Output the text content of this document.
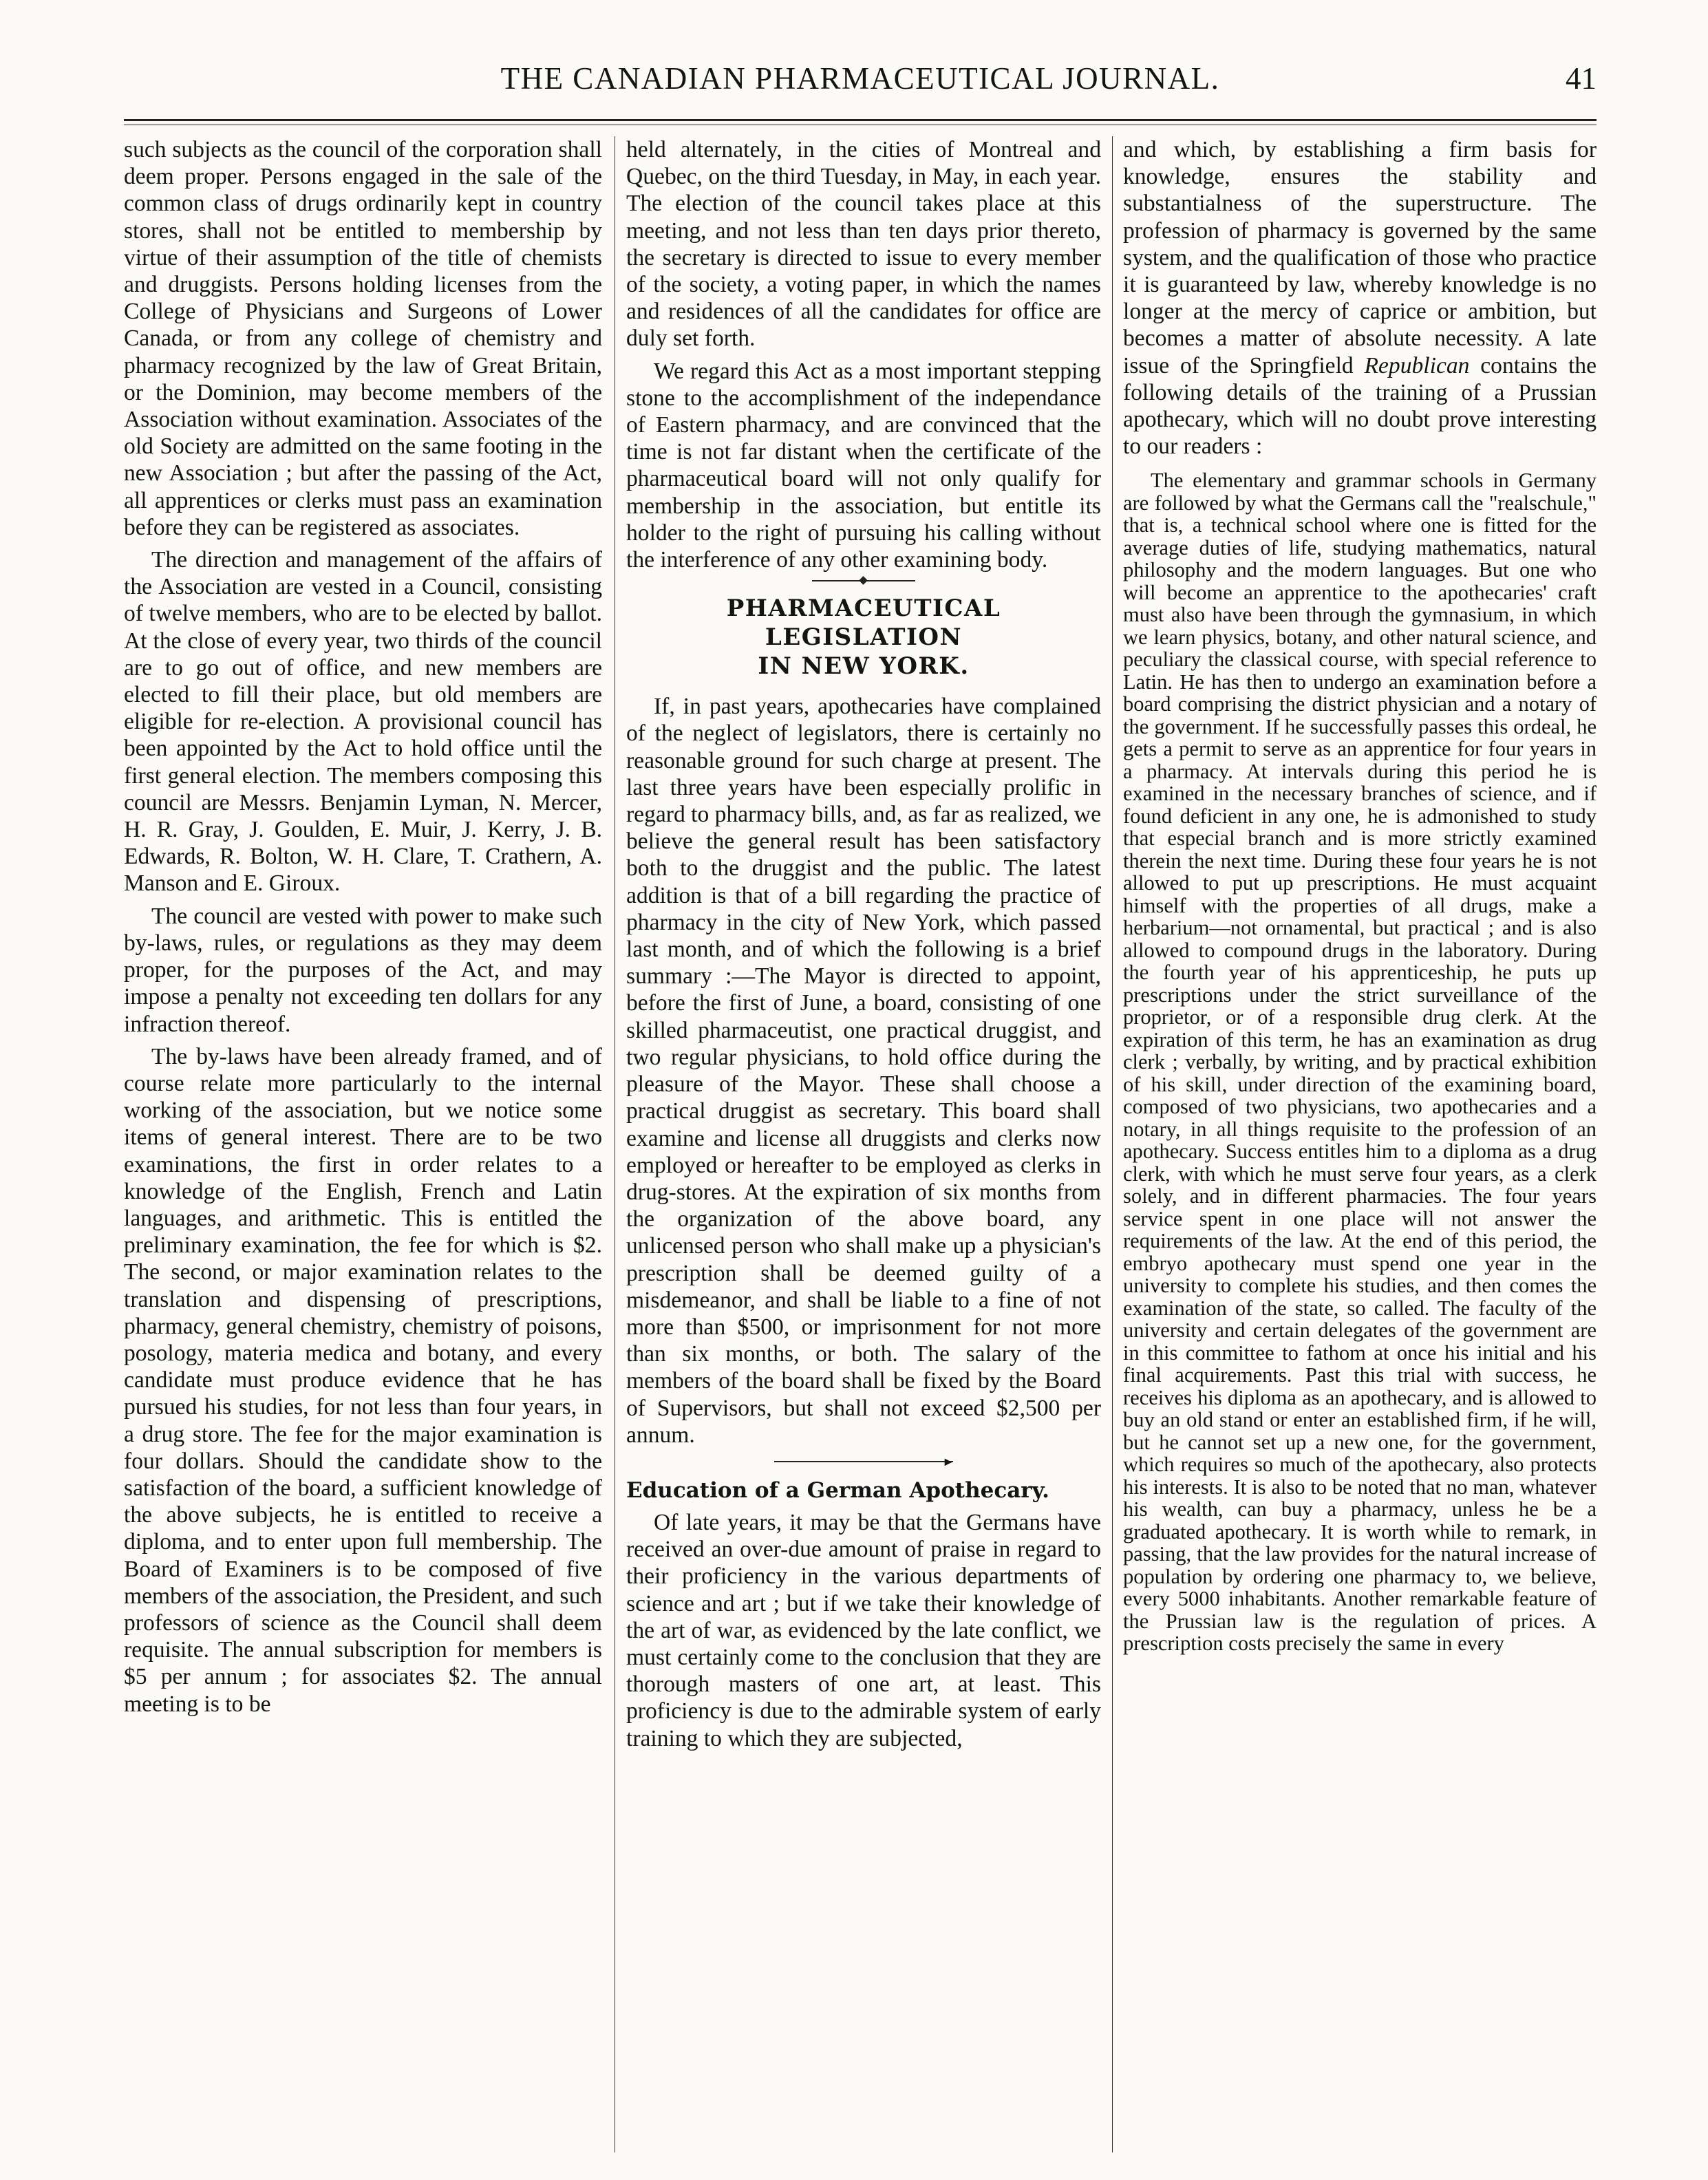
THE CANADIAN PHARMACEUTICAL JOURNAL.	41

such subjects as the council of the corporation shall deem proper. Persons engaged in the sale of the common class of drugs ordinarily kept in country stores, shall not be entitled to membership by virtue of their assumption of the title of chemists and druggists. Persons holding licenses from the College of Physicians and Surgeons of Lower Canada, or from any college of chemistry and pharmacy recognized by the law of Great Britain, or the Dominion, may become members of the Association without examination. Associates of the old Society are admitted on the same footing in the new Association ; but after the passing of the Act, all apprentices or clerks must pass an examination before they can be registered as associates.

The direction and management of the affairs of the Association are vested in a Council, consisting of twelve members, who are to be elected by ballot. At the close of every year, two thirds of the council are to go out of office, and new members are elected to fill their place, but old members are eligible for re-election. A provisional council has been appointed by the Act to hold office until the first general election. The members composing this council are Messrs. Benjamin Lyman, N. Mercer, H. R. Gray, J. Goulden, E. Muir, J. Kerry, J. B. Edwards, R. Bolton, W. H. Clare, T. Crathern, A. Manson and E. Giroux.

The council are vested with power to make such by-laws, rules, or regulations as they may deem proper, for the purposes of the Act, and may impose a penalty not exceeding ten dollars for any infraction thereof.

The by-laws have been already framed, and of course relate more particularly to the internal working of the association, but we notice some items of general interest. There are to be two examinations, the first in order relates to a knowledge of the English, French and Latin languages, and arithmetic. This is entitled the preliminary examination, the fee for which is $2. The second, or major examination relates to the translation and dispensing of prescriptions, pharmacy, general chemistry, chemistry of poisons, posology, materia medica and botany, and every candidate must produce evidence that he has pursued his studies, for not less than four years, in a drug store. The fee for the major examination is four dollars. Should the candidate show to the satisfaction of the board, a sufficient knowledge of the above subjects, he is entitled to receive a diploma, and to enter upon full membership. The Board of Examiners is to be composed of five members of the association, the President, and such professors of science as the Council shall deem requisite. The annual subscription for members is $5 per annum ; for associates $2. The annual meeting is to be

held alternately, in the cities of Montreal and Quebec, on the third Tuesday, in May, in each year. The election of the council takes place at this meeting, and not less than ten days prior thereto, the secretary is directed to issue to every member of the society, a voting paper, in which the names and residences of all the candidates for office are duly set forth.

We regard this Act as a most important stepping stone to the accomplishment of the independance of Eastern pharmacy, and are convinced that the time is not far distant when the certificate of the pharmaceutical board will not only qualify for membership in the association, but entitle its holder to the right of pursuing his calling without the interference of any other examining body.

PHARMACEUTICAL LEGISLATION
IN NEW YORK.

If, in past years, apothecaries have complained of the neglect of legislators, there is certainly no reasonable ground for such charge at present. The last three years have been especially prolific in regard to pharmacy bills, and, as far as realized, we believe the general result has been satisfactory both to the druggist and the public. The latest addition is that of a bill regarding the practice of pharmacy in the city of New York, which passed last month, and of which the following is a brief summary :—The Mayor is directed to appoint, before the first of June, a board, consisting of one skilled pharmaceutist, one practical druggist, and two regular physicians, to hold office during the pleasure of the Mayor. These shall choose a practical druggist as secretary. This board shall examine and license all druggists and clerks now employed or hereafter to be employed as clerks in drug-stores. At the expiration of six months from the organization of the above board, any unlicensed person who shall make up a physician's prescription shall be deemed guilty of a misdemeanor, and shall be liable to a fine of not more than $500, or imprisonment for not more than six months, or both. The salary of the members of the board shall be fixed by the Board of Supervisors, but shall not exceed $2,500 per annum.

►
Education of a German Apothecary.

Of late years, it may be that the Germans have received an over-due amount of praise in regard to their proficiency in the various departments of science and art ; but if we take their knowledge of the art of war, as evidenced by the late conflict, we must certainly come to the conclusion that they are thorough masters of one art, at least. This proficiency is due to the admirable system of early training to which they are subjected,

and which, by establishing a firm basis for knowledge, ensures the stability and substantialness of the superstructure. The profession of pharmacy is governed by the same system, and the qualification of those who practice it is guaranteed by law, whereby knowledge is no longer at the mercy of caprice or ambition, but becomes a matter of absolute necessity. A late issue of the Springfield Republican contains the following details of the training of a Prussian apothecary, which will no doubt prove interesting to our readers :

The elementary and grammar schools in Germany are followed by what the Germans call the "realschule," that is, a technical school where one is fitted for the average duties of life, studying mathematics, natural philosophy and the modern languages. But one who will become an apprentice to the apothecaries' craft must also have been through the gymnasium, in which we learn physics, botany, and other natural science, and peculiary the classical course, with special reference to Latin. He has then to undergo an examination before a board comprising the district physician and a notary of the government. If he successfully passes this ordeal, he gets a permit to serve as an apprentice for four years in a pharmacy. At intervals during this period he is examined in the necessary branches of science, and if found deficient in any one, he is admonished to study that especial branch and is more strictly examined therein the next time. During these four years he is not allowed to put up prescriptions. He must acquaint himself with the properties of all drugs, make a herbarium—not ornamental, but practical ; and is also allowed to compound drugs in the laboratory. During the fourth year of his apprenticeship, he puts up prescriptions under the strict surveillance of the proprietor, or of a responsible drug clerk. At the expiration of this term, he has an examination as drug clerk ; verbally, by writing, and by practical exhibition of his skill, under direction of the examining board, composed of two physicians, two apothecaries and a notary, in all things requisite to the profession of an apothecary. Success entitles him to a diploma as a drug clerk, with which he must serve four years, as a clerk solely, and in different pharmacies. The four years service spent in one place will not answer the requirements of the law. At the end of this period, the embryo apothecary must spend one year in the university to complete his studies, and then comes the examination of the state, so called. The faculty of the university and certain delegates of the government are in this committee to fathom at once his initial and his final acquirements. Past this trial with success, he receives his diploma as an apothecary, and is allowed to buy an old stand or enter an established firm, if he will, but he cannot set up a new one, for the government, which requires so much of the apothecary, also protects his interests. It is also to be noted that no man, whatever his wealth, can buy a pharmacy, unless he be a graduated apothecary. It is worth while to remark, in passing, that the law provides for the natural increase of population by ordering one pharmacy to, we believe, every 5000 inhabitants. Another remarkable feature of the Prussian law is the regulation of prices. A prescription costs precisely the same in every
